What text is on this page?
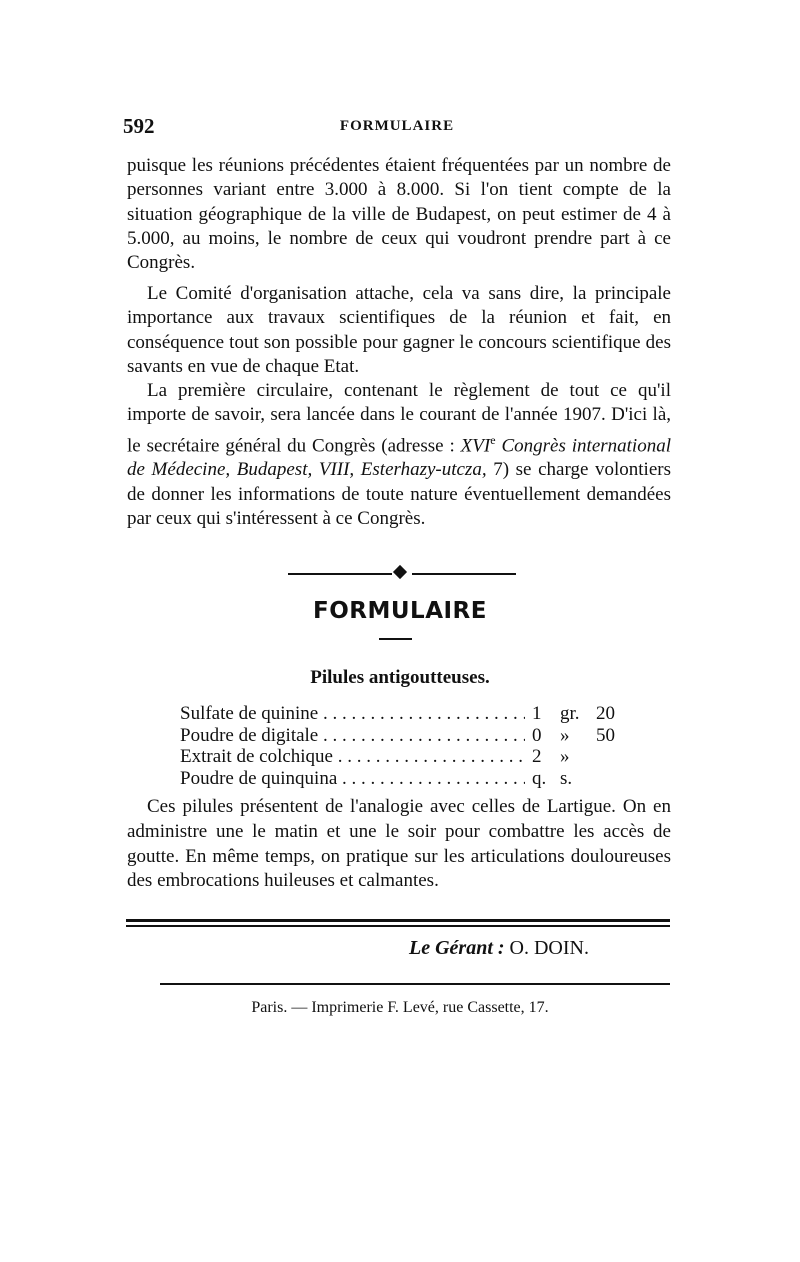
592	FORMULAIRE

puisque les réunions précédentes étaient fréquentées par un nombre de personnes variant entre 3.000 à 8.000. Si l'on tient compte de la situation géographique de la ville de Budapest, on peut estimer de 4 à 5.000, au moins, le nombre de ceux qui voudront prendre part à ce Congrès.

Le Comité d'organisation attache, cela va sans dire, la principale importance aux travaux scientifiques de la réunion et fait, en conséquence tout son possible pour gagner le concours scientifique des savants en vue de chaque Etat.

La première circulaire, contenant le règlement de tout ce qu'il importe de savoir, sera lancée dans le courant de l'année 1907. D'ici là, le secrétaire général du Congrès (adresse : XVIe Congrès international de Médecine, Budapest, VIII, Esterhazy-utcza, 7) se charge volontiers de donner les informations de toute nature éventuellement demandées par ceux qui s'intéressent à ce Congrès.

FORMULAIRE
Pilules antigoutteuses.
Sulfate de quinine . . .	1 gr. 20
Poudre de digitale . . .	0 »	50
Extrait de colchique . . .	2 »
Poudre de quinquina . . .	q. s.
Ces pilules présentent de l'analogie avec celles de Lartigue. On en administre une le matin et une le soir pour combattre les accès de goutte. En même temps, on pratique sur les articulations douloureuses des embrocations huileuses et calmantes.
Le Gérant : O. DOIN.
Paris. — Imprimerie F. Levé, rue Cassette, 17.
